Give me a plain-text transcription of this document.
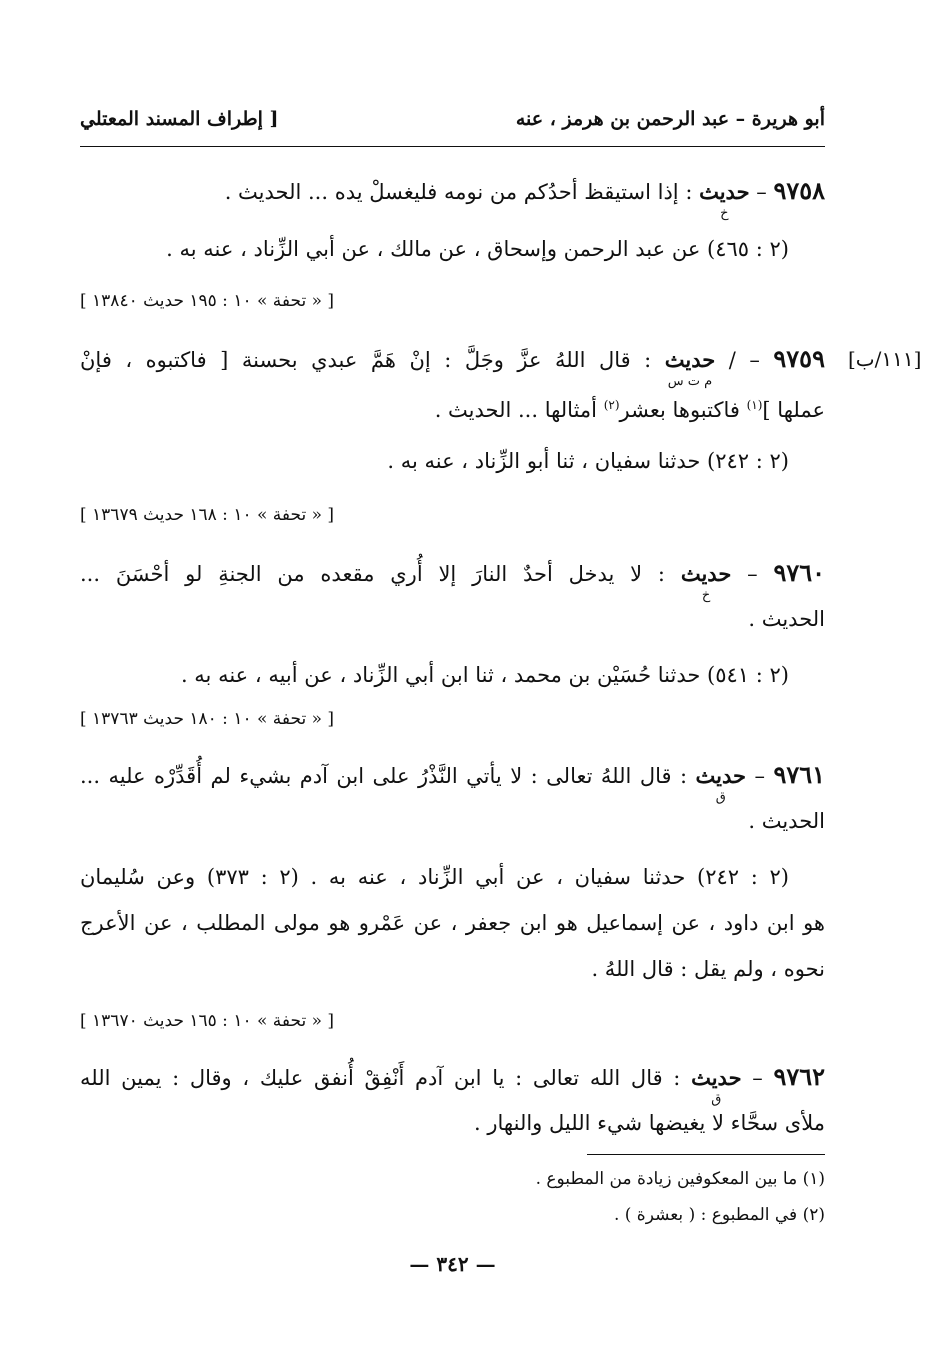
أبو هريرة – عبد الرحمن بن هرمز ، عنه
[ إطراف المسند المعتلي
٩٧٥٨ – حديث
خ
: إذا استيقظ أحدُكم من نومه فليغسلْ يده ... الحديث .
(٢ : ٤٦٥) عن عبد الرحمن وإسحاق ، عن مالك ، عن أبي الزِّناد ، عنه به .
[ « تحفة » ١٠ : ١٩٥ حديث ١٣٨٤٠ ]
[١١١/ب]
٩٧٥٩ – / حديث
م ت س
: قال اللهُ عزَّ وجَلَّ : إنْ هَمَّ عبدي بحسنة [ فاكتبوه ، فإنْ
عملها ]$^{(١)}$ فاكتبوها بعشر$^{(٢)}$ أمثالها ... الحديث .
(٢ : ٢٤٢) حدثنا سفيان ، ثنا أبو الزِّناد ، عنه به .
[ « تحفة » ١٠ : ١٦٨ حديث ١٣٦٧٩ ]
٩٧٦٠ – حديث
خ
: لا يدخل أحدٌ النارَ إلا أُري مقعده من الجنةِ لو أحْسَنَ ...
الحديث .
(٢ : ٥٤١) حدثنا حُسَيْن بن محمد ، ثنا ابن أبي الزِّناد ، عن أبيه ، عنه به .
[ « تحفة » ١٠ : ١٨٠ حديث ١٣٧٦٣ ]
٩٧٦١ – حديث
ق
: قال اللهُ تعالى : لا يأتي النَّذْرُ على ابن آدم بشيء لم أُقَدِّرْه عليه ...
الحديث .
(٢ : ٢٤٢) حدثنا سفيان ، عن أبي الزِّناد ، عنه به . (٢ : ٣٧٣) وعن سُليمان
هو ابن داود ، عن إسماعيل هو ابن جعفر ، عن عَمْرو هو مولى المطلب ، عن الأعرج
نحوه ، ولم يقل : قال اللهُ .
[ « تحفة » ١٠ : ١٦٥ حديث ١٣٦٧٠ ]
٩٧٦٢ – حديث
ق
: قال الله تعالى : يا ابن آدم أَنْفِقْ أُنفق عليك ، وقال : يمين الله
ملأى سحَّاء لا يغيضها شيء الليل والنهار .
(١) ما بين المعكوفين زيادة من المطبوع .
(٢) في المطبوع : ( بعشرة ) .
— ٣٤٢ —
